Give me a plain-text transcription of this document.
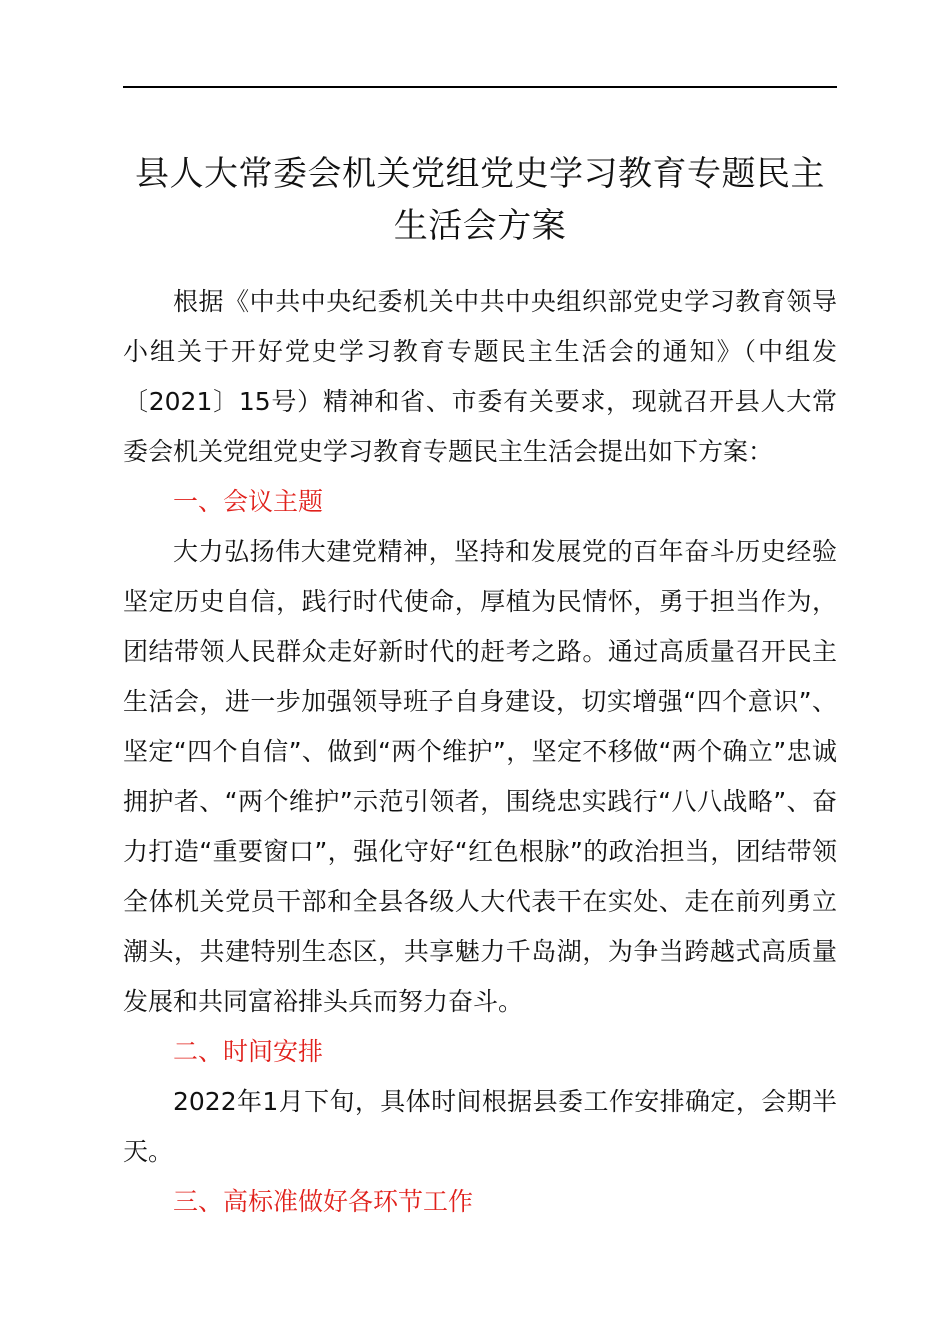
县人大常委会机关党组党史学习教育专题民主
生活会方案

根据《中共中央纪委机关中共中央组织部党史学习教育领导小组关于开好党史学习教育专题民主生活会的通知》（中组发〔2021〕15号）精神和省、市委有关要求，现就召开县人大常委会机关党组党史学习教育专题民主生活会提出如下方案：

一、会议主题

大力弘扬伟大建党精神，坚持和发展党的百年奋斗历史经验坚定历史自信，践行时代使命，厚植为民情怀，勇于担当作为，团结带领人民群众走好新时代的赶考之路。通过高质量召开民主生活会，进一步加强领导班子自身建设，切实增强“四个意识”、坚定“四个自信”、做到“两个维护”，坚定不移做“两个确立”忠诚拥护者、“两个维护”示范引领者，围绕忠实践行“八八战略”、奋力打造“重要窗口”，强化守好“红色根脉”的政治担当，团结带领全体机关党员干部和全县各级人大代表干在实处、走在前列勇立潮头，共建特别生态区，共享魅力千岛湖，为争当跨越式高质量发展和共同富裕排头兵而努力奋斗。

二、时间安排

2022年1月下旬，具体时间根据县委工作安排确定，会期半天。

三、高标准做好各环节工作
